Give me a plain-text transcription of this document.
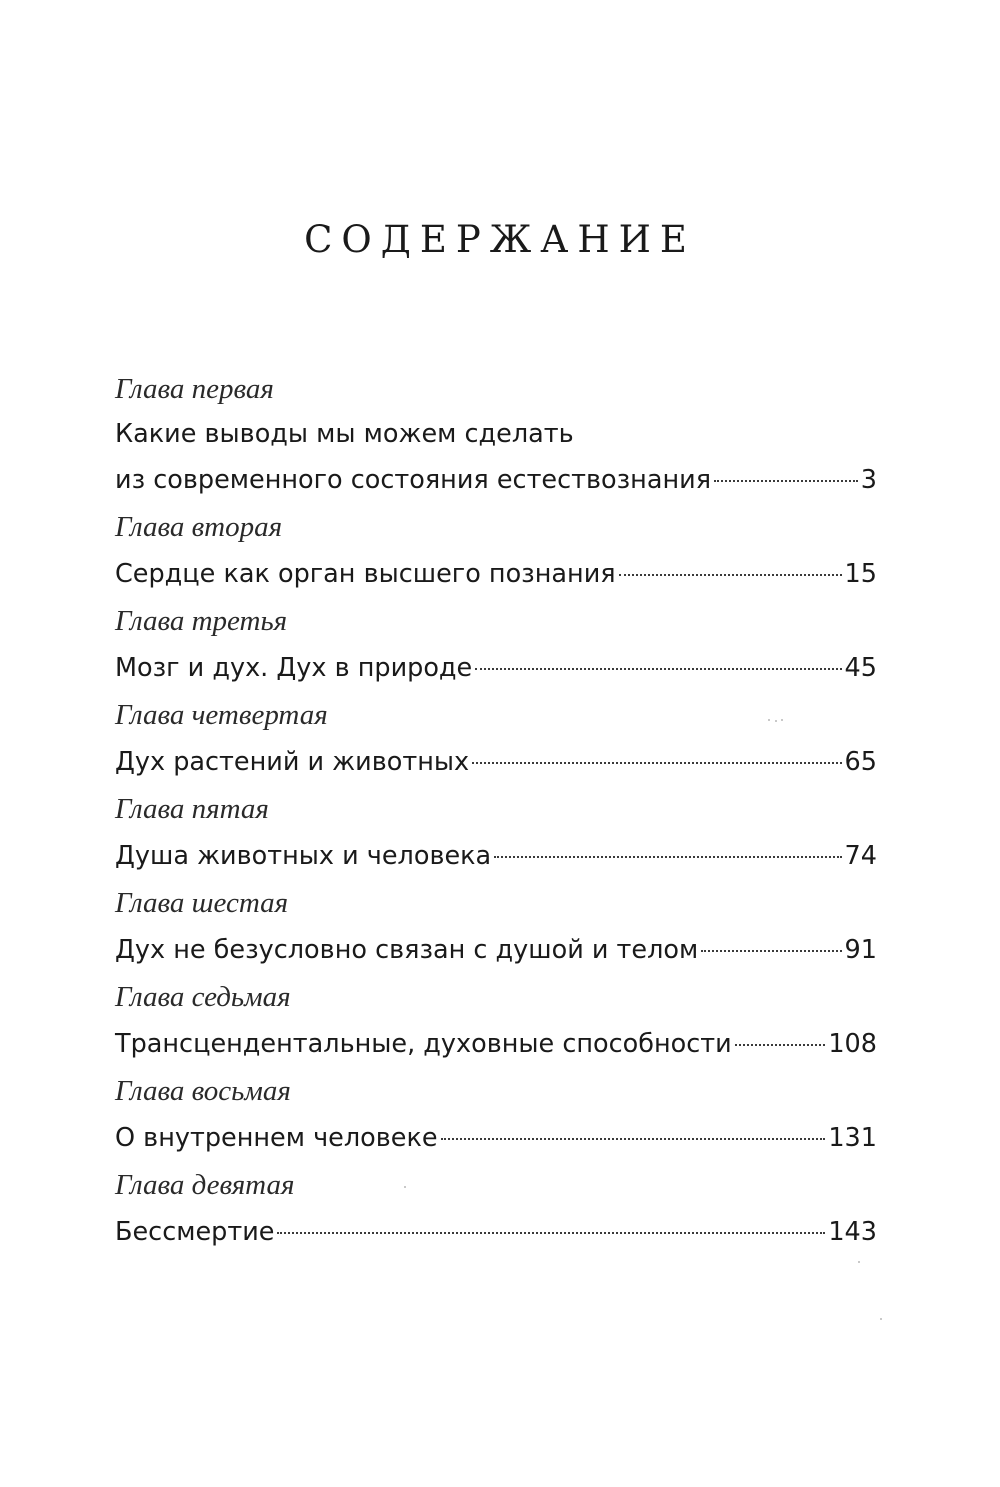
СОДЕРЖАНИЕ
Глава первая
Какие выводы мы можем сделать
из современного состояния естествознания	3
Глава вторая
Сердце как орган высшего познания	15
Глава третья
Мозг и дух. Дух в природе	45
Глава четвертая
Дух растений и животных	65
Глава пятая
Душа животных и человека	74
Глава шестая
Дух не безусловно связан с душой и телом	91
Глава седьмая
Трансцендентальные, духовные способности	108
Глава восьмая
О внутреннем человеке	131
Глава девятая
Бессмертие	143
